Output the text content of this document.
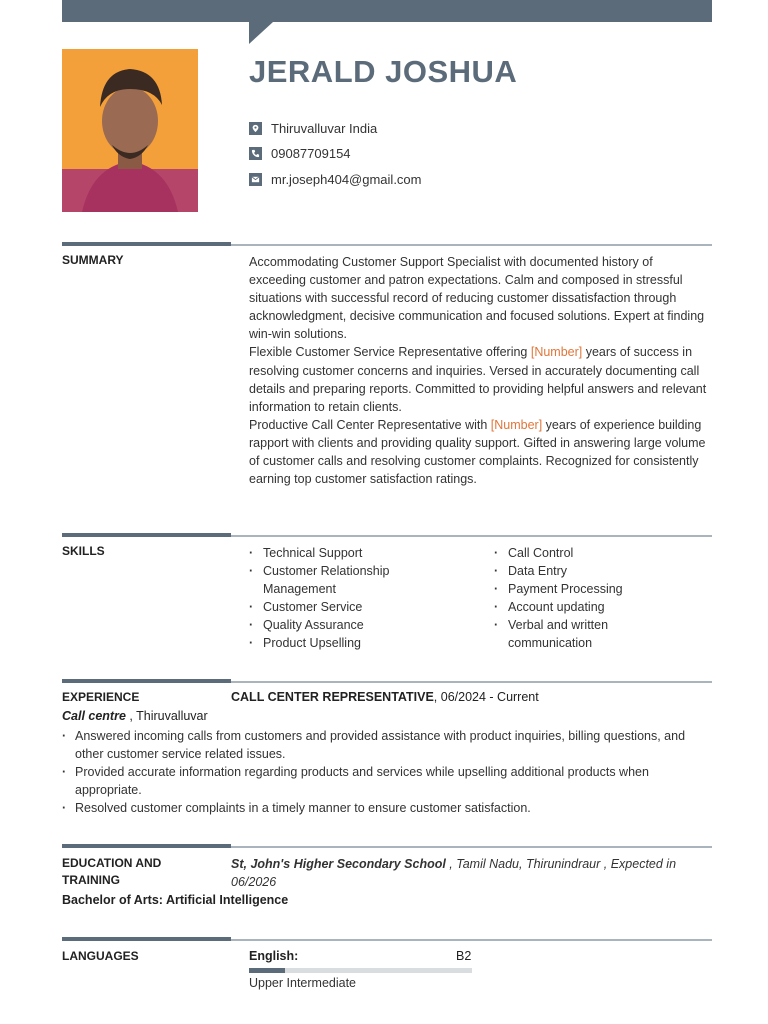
JERALD JOSHUA
Thiruvalluvar India
09087709154
mr.joseph404@gmail.com
SUMMARY	Accommodating Customer Support Specialist with documented history of exceeding customer and patron expectations. Calm and composed in stressful situations with successful record of reducing customer dissatisfaction through acknowledgment, decisive communication and focused solutions. Expert at finding win-win solutions.

Flexible Customer Service Representative offering [Number] years of success in resolving customer concerns and inquiries. Versed in accurately documenting call details and preparing reports. Committed to providing helpful answers and relevant information to retain clients.

Productive Call Center Representative with [Number] years of experience building rapport with clients and providing quality support. Gifted in answering large volume of customer calls and resolving customer complaints. Recognized for consistently earning top customer satisfaction ratings.

SKILLS
·	Technical Support
· Customer Relationship Management
· Customer Service
· Quality Assurance
· Product Upselling
· Call Control
· Data Entry
· Payment Processing
· Account updating
· Verbal and written communication
EXPERIENCE	CALL CENTER REPRESENTATIVE, 06/2024 - Current
Call centre , Thiruvalluvar
· Answered incoming calls from customers and provided assistance with product inquiries, billing questions, and other customer service related issues.
· Provided accurate information regarding products and services while upselling additional products when appropriate.
· Resolved customer complaints in a timely manner to ensure customer satisfaction.
EDUCATION AND
TRAINING
St, John's Higher Secondary School , Tamil Nadu, Thirunindraur , Expected in 06/2026
Bachelor of Arts: Artificial Intelligence
LANGUAGES	English:	B2
Upper Intermediate
